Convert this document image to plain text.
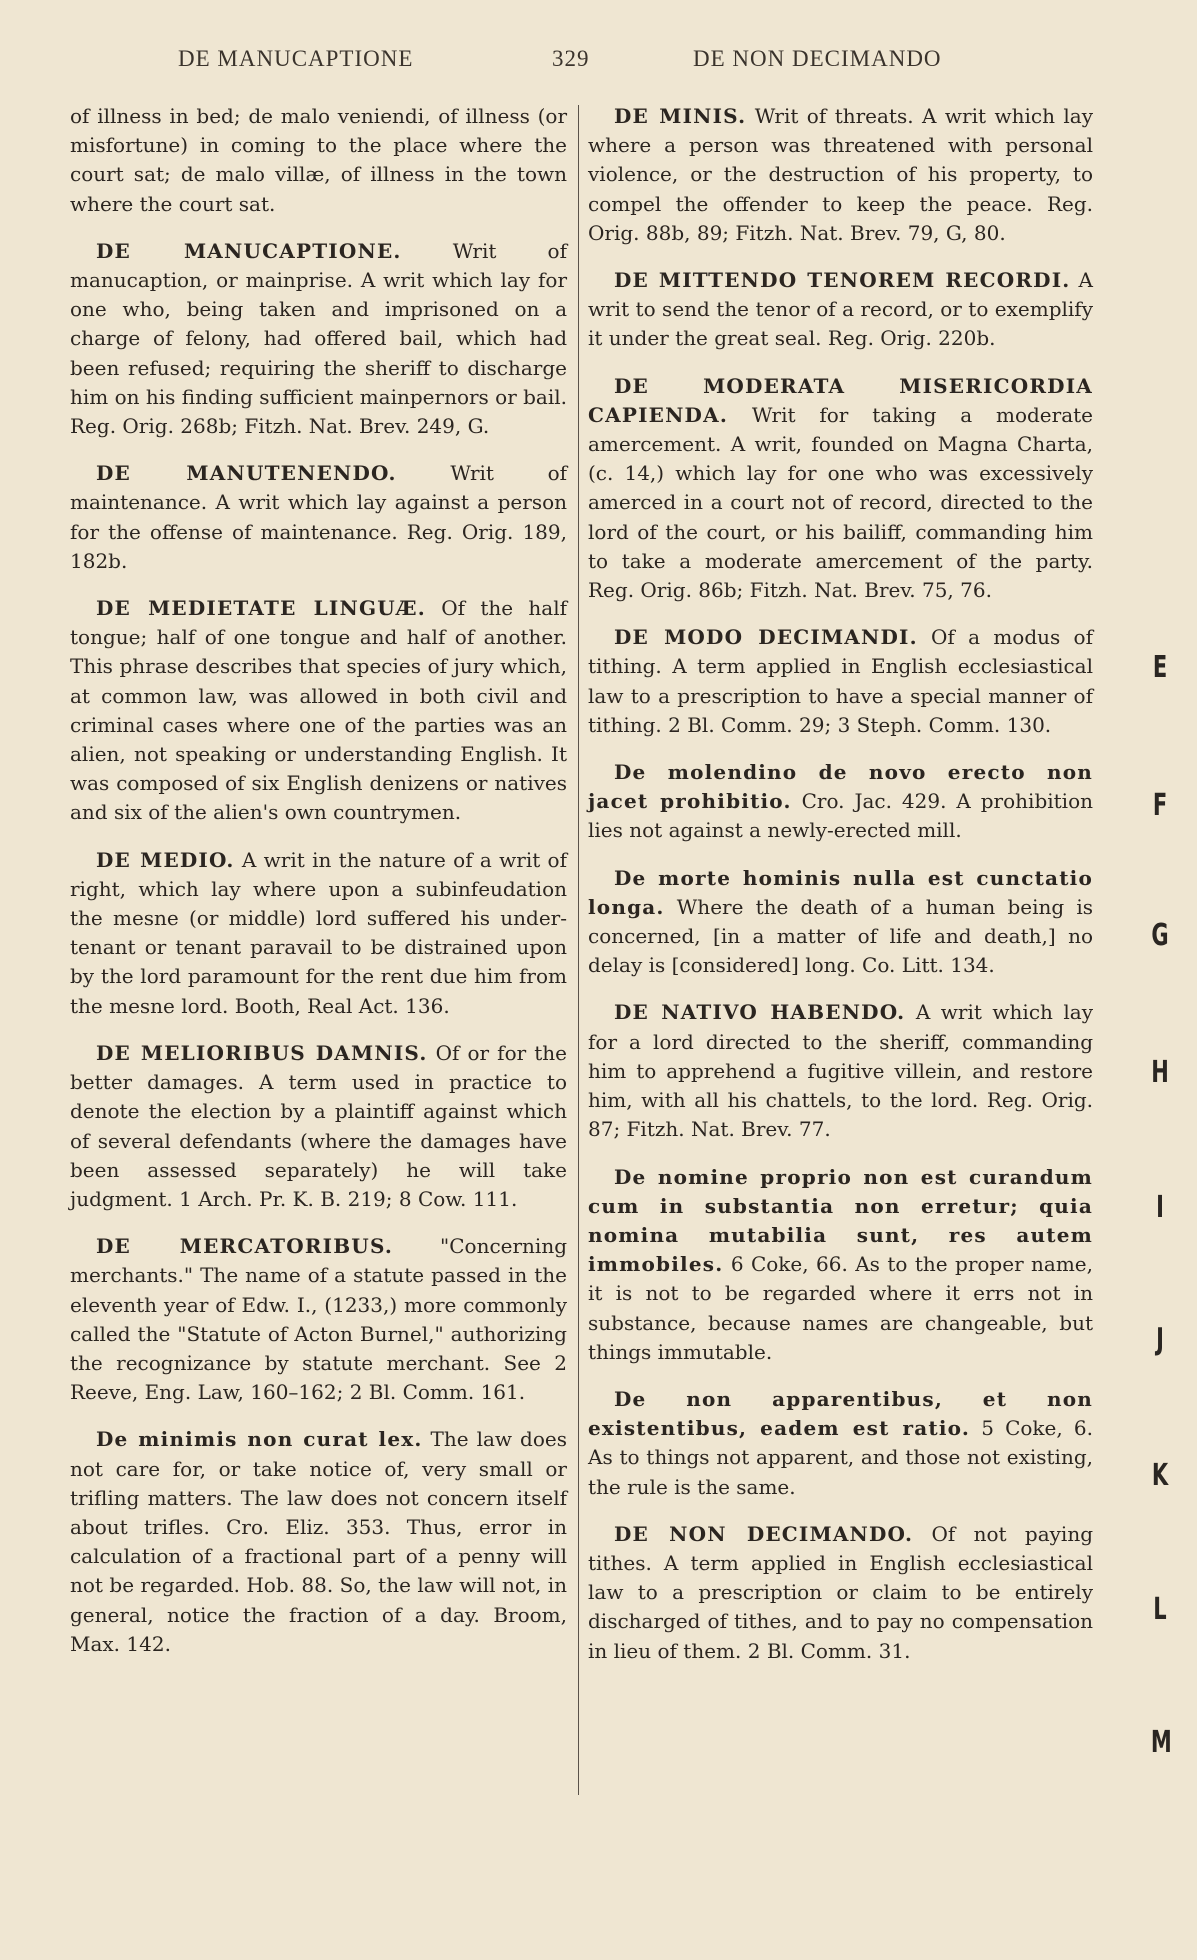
DE MANUCAPTIONE	329	DE NON DECIMANDO

of illness in bed; de malo veniendi, of illness (or misfortune) in coming to the place where the court sat; de malo villæ, of illness in the town where the court sat.

DE MANUCAPTIONE.	Writ of manucaption, or mainprise. A writ which lay for one who, being taken and imprisoned on a charge of felony, had offered bail, which had been refused; requiring the sheriff to discharge him on his finding sufficient mainpernors or bail. Reg. Orig. 268b; Fitzh. Nat. Brev. 249, G.

DE MANUTENENDO.	Writ of maintenance. A writ which lay against a person for the offense of maintenance. Reg. Orig. 189, 182b.

DE MEDIETATE LINGUÆ. Of the half tongue; half of one tongue and half of another. This phrase describes that species of jury which, at common law, was allowed in both civil and criminal cases where one of the parties was an alien, not speaking or understanding English. It was composed of six English denizens or natives and six of the alien's own countrymen.

DE MEDIO. A writ in the nature of a writ of right, which lay where upon a subinfeudation the mesne (or middle) lord suffered his under-tenant or tenant paravail to be distrained upon by the lord paramount for the rent due him from the mesne lord. Booth, Real Act. 136.

DE MELIORIBUS DAMNIS. Of or for the better damages. A term used in practice to denote the election by a plaintiff against which of several defendants (where the damages have been assessed separately) he will take judgment. 1 Arch. Pr. K. B. 219; 8 Cow. 111.

DE MERCATORIBUS. "Concerning merchants." The name of a statute passed in the eleventh year of Edw. I., (1233,) more commonly called the "Statute of Acton Burnel," authorizing the recognizance by statute merchant. See 2 Reeve, Eng. Law, 160–162; 2 Bl. Comm. 161.

De minimis non curat lex. The law does not care for, or take notice of, very small or trifling matters. The law does not concern itself about trifles. Cro. Eliz. 353. Thus, error in calculation of a fractional part of a penny will not be regarded. Hob. 88. So, the law will not, in general, notice the fraction of a day. Broom, Max. 142.

DE MINIS. Writ of threats. A writ which lay where a person was threatened with personal violence, or the destruction of his property, to compel the offender to keep the peace. Reg. Orig. 88b, 89; Fitzh. Nat. Brev. 79, G, 80.

DE MITTENDO TENOREM RECORDI. A writ to send the tenor of a record, or to exemplify it under the great seal. Reg. Orig. 220b.

DE MODERATA MISERICORDIA CAPIENDA. Writ for taking a moderate amercement. A writ, founded on Magna Charta, (c. 14,) which lay for one who was excessively amerced in a court not of record, directed to the lord of the court, or his bailiff, commanding him to take a moderate amercement of the party. Reg. Orig. 86b; Fitzh. Nat. Brev. 75, 76.

DE MODO DECIMANDI. Of a modus of tithing. A term applied in English ecclesiastical law to a prescription to have a special manner of tithing. 2 Bl. Comm. 29; 3 Steph. Comm. 130.

De molendino de novo erecto non jacet prohibitio. Cro. Jac. 429. A prohibition lies not against a newly-erected mill.

De morte hominis nulla est cunctatio longa. Where the death of a human being is concerned, [in a matter of life and death,] no delay is [considered] long. Co. Litt. 134.

DE NATIVO HABENDO. A writ which lay for a lord directed to the sheriff, commanding him to apprehend a fugitive villein, and restore him, with all his chattels, to the lord. Reg. Orig. 87; Fitzh. Nat. Brev. 77.

De nomine proprio non est curandum cum in substantia non erretur; quia nomina mutabilia sunt, res autem immobiles. 6 Coke, 66. As to the proper name, it is not to be regarded where it errs not in substance, because names are changeable, but things immutable.

De non apparentibus, et non existentibus, eadem est ratio. 5 Coke, 6. As to things not apparent, and those not existing, the rule is the same.

DE NON DECIMANDO. Of not paying tithes. A term applied in English ecclesiastical law to a prescription or claim to be entirely discharged of tithes, and to pay no compensation in lieu of them. 2 Bl. Comm. 31.

E
F
G
H
I
J
K
L
M
